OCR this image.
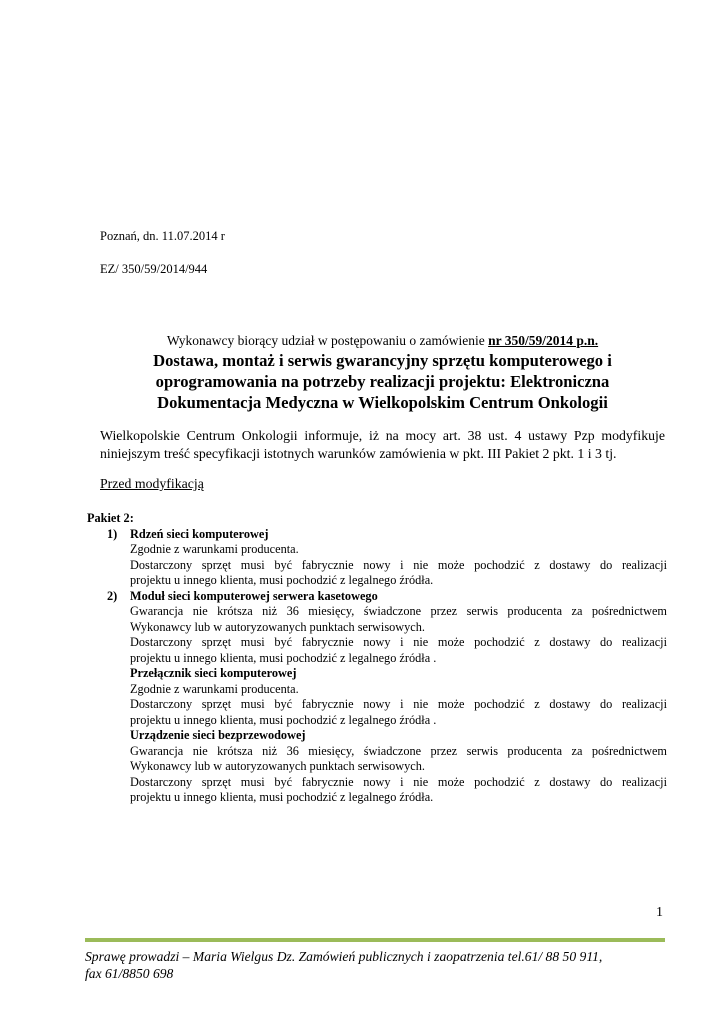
Poznań, dn. 11.07.2014 r
EZ/ 350/59/2014/944
Wykonawcy biorący udział w postępowaniu o zamówienie nr 350/59/2014 p.n.
Dostawa, montaż i serwis gwarancyjny sprzętu komputerowego i
oprogramowania na potrzeby realizacji projektu: Elektroniczna
Dokumentacja Medyczna w Wielkopolskim Centrum Onkologii
Wielkopolskie Centrum Onkologii informuje, iż na mocy art. 38 ust. 4 ustawy Pzp modyfikuje niniejszym treść specyfikacji istotnych warunków zamówienia w pkt. III Pakiet 2 pkt. 1 i 3 tj.
Przed modyfikacją
Pakiet 2:
1) Rdzeń sieci komputerowej
Zgodnie z warunkami producenta.
Dostarczony sprzęt musi być fabrycznie nowy i nie może pochodzić z dostawy do realizacji
projektu u innego klienta, musi pochodzić z legalnego źródła.
2) Moduł sieci komputerowej serwera kasetowego
Gwarancja nie krótsza niż 36 miesięcy, świadczone przez serwis producenta za pośrednictwem
Wykonawcy lub w autoryzowanych punktach serwisowych.
Dostarczony sprzęt musi być fabrycznie nowy i nie może pochodzić z dostawy do realizacji
projektu u innego klienta, musi pochodzić z legalnego źródła .
Przełącznik sieci komputerowej
Zgodnie z warunkami producenta.
Dostarczony sprzęt musi być fabrycznie nowy i nie może pochodzić z dostawy do realizacji
projektu u innego klienta, musi pochodzić z legalnego źródła .
Urządzenie sieci bezprzewodowej
Gwarancja nie krótsza niż 36 miesięcy, świadczone przez serwis producenta za pośrednictwem
Wykonawcy lub w autoryzowanych punktach serwisowych.
Dostarczony sprzęt musi być fabrycznie nowy i nie może pochodzić z dostawy do realizacji
projektu u innego klienta, musi pochodzić z legalnego źródła.
1
Sprawę prowadzi – Maria Wielgus Dz. Zamówień publicznych i zaopatrzenia tel.61/ 88 50 911,
fax 61/8850 698
